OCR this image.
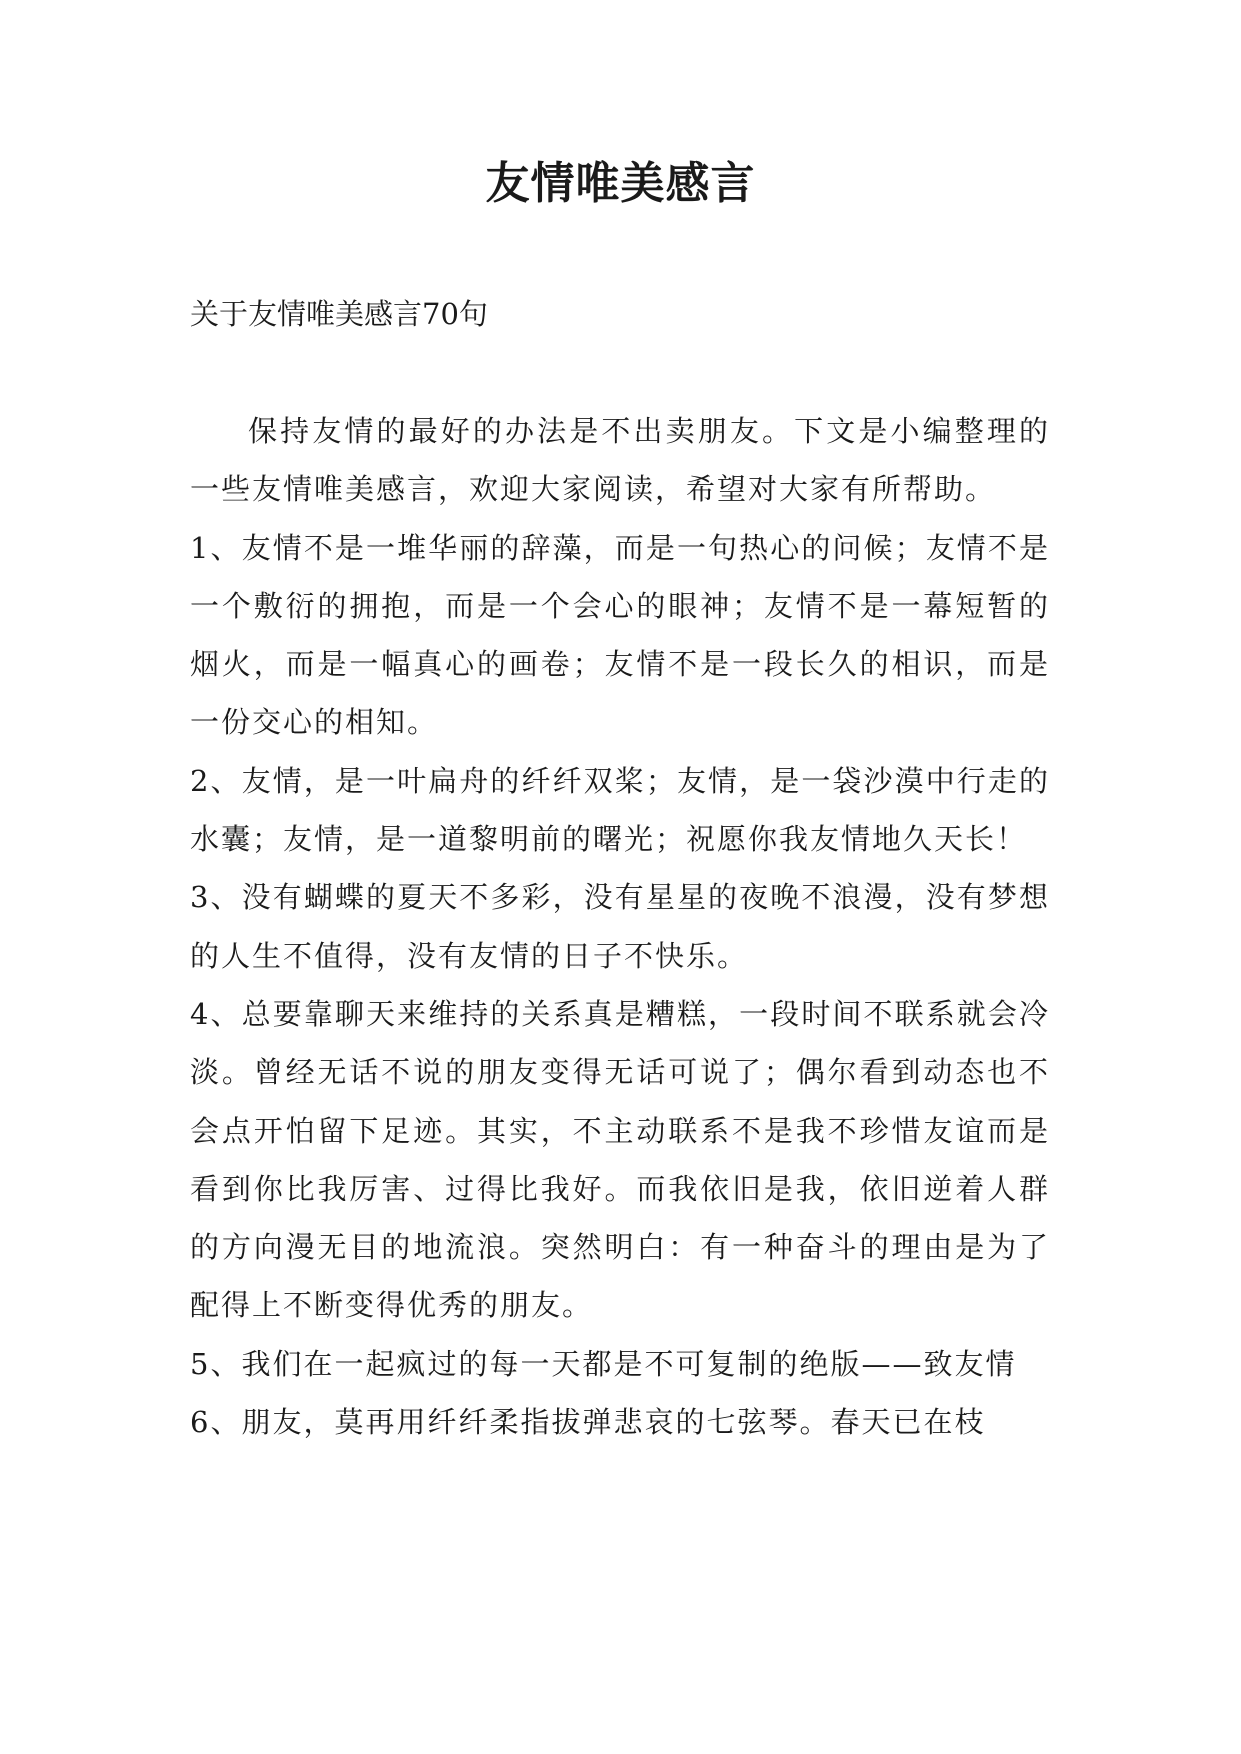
友情唯美感言

关于友情唯美感言70句

保持友情的最好的办法是不出卖朋友。下文是小编整理的一些友情唯美感言，欢迎大家阅读，希望对大家有所帮助。

1、友情不是一堆华丽的辞藻，而是一句热心的问候；友情不是一个敷衍的拥抱，而是一个会心的眼神；友情不是一幕短暂的烟火，而是一幅真心的画卷；友情不是一段长久的相识，而是一份交心的相知。

2、友情，是一叶扁舟的纤纤双桨；友情，是一袋沙漠中行走的水囊；友情，是一道黎明前的曙光；祝愿你我友情地久天长！

3、没有蝴蝶的夏天不多彩，没有星星的夜晚不浪漫，没有梦想的人生不值得，没有友情的日子不快乐。

4、总要靠聊天来维持的关系真是糟糕，一段时间不联系就会冷淡。曾经无话不说的朋友变得无话可说了；偶尔看到动态也不会点开怕留下足迹。其实，不主动联系不是我不珍惜友谊而是看到你比我厉害、过得比我好。而我依旧是我，依旧逆着人群的方向漫无目的地流浪。突然明白：有一种奋斗的理由是为了配得上不断变得优秀的朋友。

5、我们在一起疯过的每一天都是不可复制的绝版——致友情

6、朋友，莫再用纤纤柔指拔弹悲哀的七弦琴。春天已在枝
